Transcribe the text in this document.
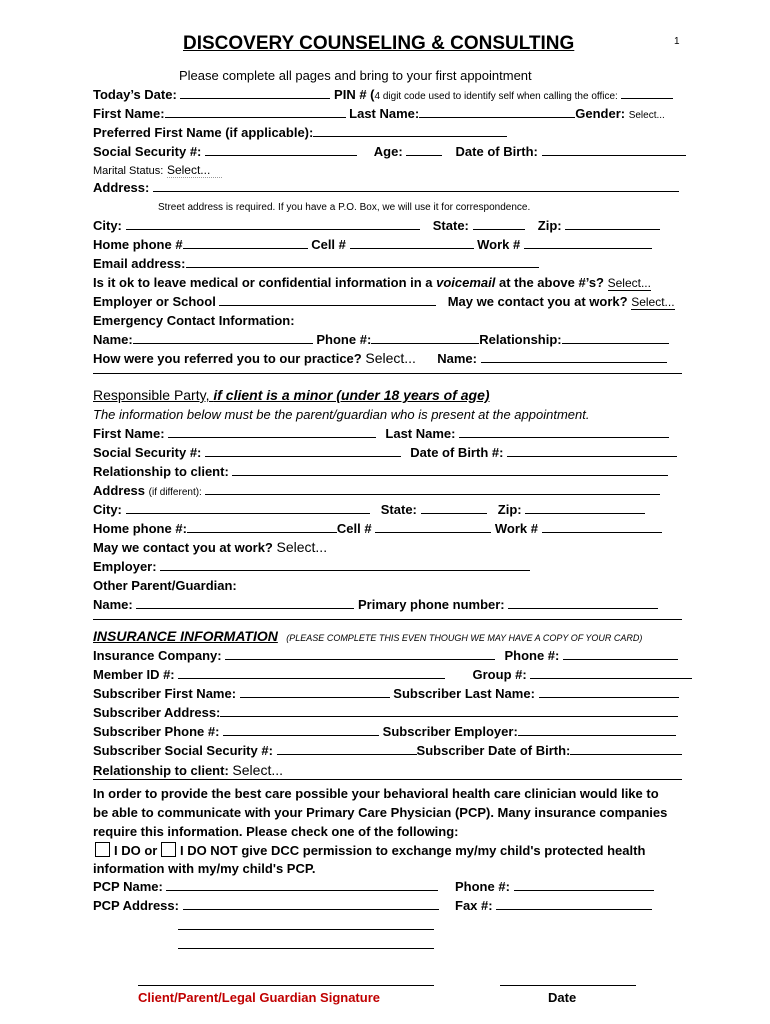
DISCOVERY COUNSELING & CONSULTING	1
Please complete all pages and bring to your first appointment
Today’s Date:	PIN # (4 digit code used to identify self when calling the office:
First Name:	Last Name:	Gender: Select...
Preferred First Name (if applicable):
Social Security #:	Age:	Date of Birth:
Marital Status: Select...
Address:
Street address is required. If you have a P.O. Box, we will use it for correspondence.
City:	State:	Zip:
Home phone #	Cell #	Work #
Email address:
Is it ok to leave medical or confidential information in a voicemail at the above #’s? Select...
Employer or School	May we contact you at work? Select...
Emergency Contact Information:
Name:	Phone #:	Relationship:
How were you referred you to our practice? Select... Name:
Responsible Party, if client is a minor (under 18 years of age)
The information below must be the parent/guardian who is present at the appointment.
First Name:	Last Name:
Social Security #:	Date of Birth #:
Relationship to client:
Address (if different):
City:	State:	Zip:
Home phone #:	Cell #	Work #
May we contact you at work? Select...
Employer:
Other Parent/Guardian:
Name:	Primary phone number:
INSURANCE INFORMATION (PLEASE COMPLETE THIS EVEN THOUGH WE MAY HAVE A COPY OF YOUR CARD)
Insurance Company:	Phone #:
Member ID #:	Group #:
Subscriber First Name:	Subscriber Last Name:
Subscriber Address:
Subscriber Phone #:	Subscriber Employer:
Subscriber Social Security #:	Subscriber Date of Birth:
Relationship to client: Select...
In order to provide the best care possible your behavioral health care clinician would like to
be able to communicate with your Primary Care Physician (PCP). Many insurance companies
require this information. Please check one of the following:
I DO or I DO NOT give DCC permission to exchange my/my child's protected health
information with my/my child's PCP.
PCP Name:	Phone #:
PCP Address:	Fax #:
Client/Parent/Legal Guardian Signature	Date
